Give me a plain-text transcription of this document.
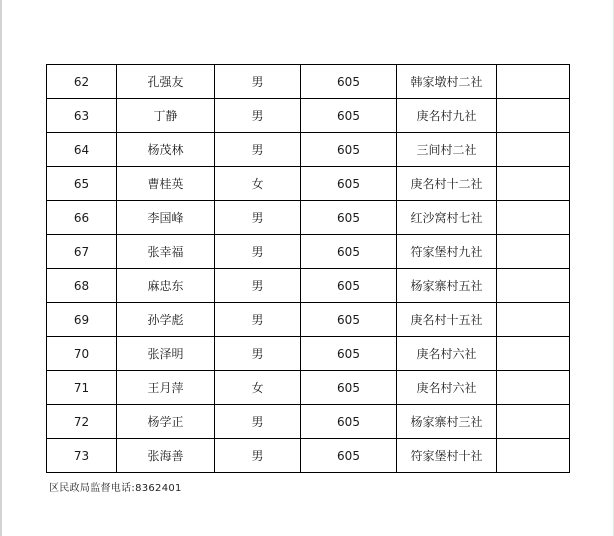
62	孔强友	男	605	韩家墩村二社	
63	丁静	男	605	庚名村九社	
64	杨茂林	男	605	三间村二社	
65	曹桂英	女	605	庚名村十二社	
66	李国峰	男	605	红沙窝村七社	
67	张幸福	男	605	符家堡村九社	
68	麻忠东	男	605	杨家寨村五社	
69	孙学彪	男	605	庚名村十五社	
70	张泽明	男	605	庚名村六社	
71	王月萍	女	605	庚名村六社	
72	杨学正	男	605	杨家寨村三社	
73	张海善	男	605	符家堡村十社	
区民政局监督电话:8362401
